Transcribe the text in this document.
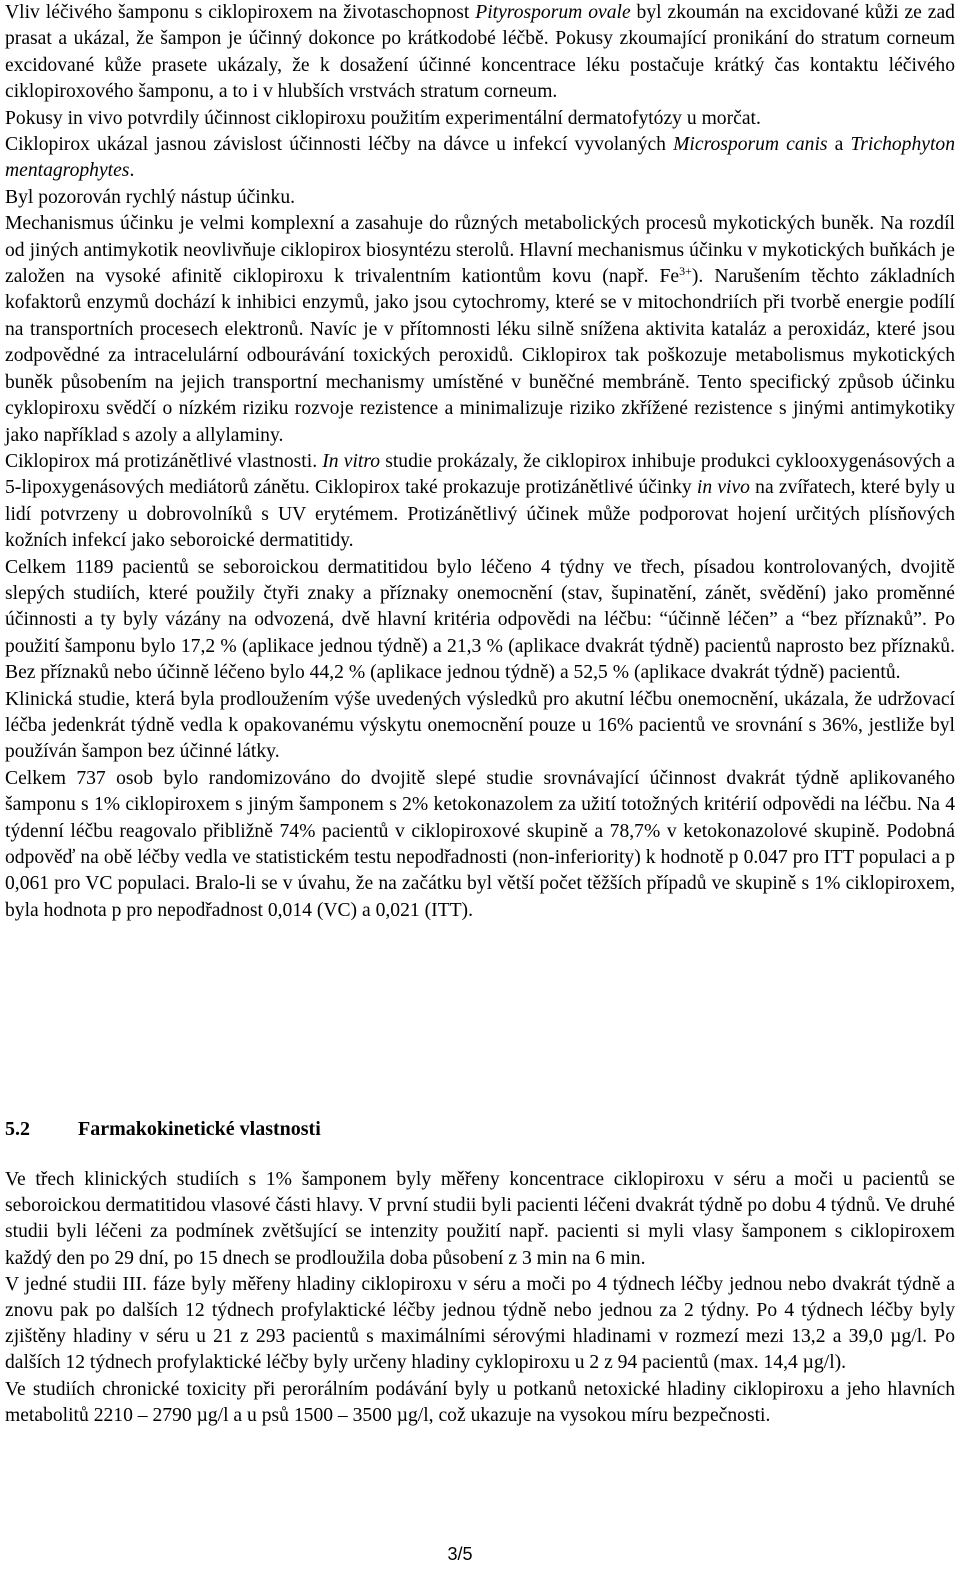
Vliv léčivého šamponu s ciklopiroxem na životaschopnost Pityrosporum ovale byl zkoumán na excidované kůži ze zad prasat a ukázal, že šampon je účinný dokonce po krátkodobé léčbě. Pokusy zkoumající pronikání do stratum corneum excidované kůže prasete ukázaly, že k dosažení účinné koncentrace léku postačuje krátký čas kontaktu léčivého ciklopiroxového šamponu, a to i v hlubších vrstvách stratum corneum.

Pokusy in vivo potvrdily účinnost ciklopiroxu použitím experimentální dermatofytózy u morčat.

Ciklopirox ukázal jasnou závislost účinnosti léčby na dávce u infekcí vyvolaných Microsporum canis a Trichophyton mentagrophytes.

Byl pozorován rychlý nástup účinku.

Mechanismus účinku je velmi komplexní a zasahuje do různých metabolických procesů mykotických buněk. Na rozdíl od jiných antimykotik neovlivňuje ciklopirox biosyntézu sterolů. Hlavní mechanismus účinku v mykotických buňkách je založen na vysoké afinitě ciklopiroxu k trivalentním kationtům kovu (např. $Fe^{3+}$). Narušením těchto základních kofaktorů enzymů dochází k inhibici enzymů, jako jsou cytochromy, které se v mitochondriích při tvorbě energie podílí na transportních procesech elektronů. Navíc je v přítomnosti léku silně snížena aktivita kataláz a peroxidáz, které jsou zodpovědné za intracelulární odbourávání toxických peroxidů. Ciklopirox tak poškozuje metabolismus mykotických buněk působením na jejich transportní mechanismy umístěné v buněčné membráně. Tento specifický způsob účinku cyklopiroxu svědčí o nízkém riziku rozvoje rezistence a minimalizuje riziko zkřížené rezistence s jinými antimykotiky jako například s azoly a allylaminy.

Ciklopirox má protizánětlivé vlastnosti. In vitro studie prokázaly, že ciklopirox inhibuje produkci cyklooxygenásových a 5-lipoxygenásových mediátorů zánětu. Ciklopirox také prokazuje protizánětlivé účinky in vivo na zvířatech, které byly u lidí potvrzeny u dobrovolníků s UV erytémem. Protizánětlivý účinek může podporovat hojení určitých plísňových kožních infekcí jako seboroické dermatitidy.

Celkem 1189 pacientů se seboroickou dermatitidou bylo léčeno 4 týdny ve třech, písadou kontrolovaných, dvojitě slepých studiích, které použily čtyři znaky a příznaky onemocnění (stav, šupinatění, zánět, svědění) jako proměnné účinnosti a ty byly vázány na odvozená, dvě hlavní kritéria odpovědi na léčbu: “účinně léčen” a “bez příznaků”. Po použití šamponu bylo 17,2 % (aplikace jednou týdně) a 21,3 % (aplikace dvakrát týdně) pacientů naprosto bez příznaků. Bez příznaků nebo účinně léčeno bylo 44,2 % (aplikace jednou týdně) a 52,5 % (aplikace dvakrát týdně) pacientů.

Klinická studie, která byla prodloužením výše uvedených výsledků pro akutní léčbu onemocnění, ukázala, že udržovací léčba jedenkrát týdně vedla k opakovanému výskytu onemocnění pouze u 16% pacientů ve srovnání s 36%, jestliže byl používán šampon bez účinné látky.

Celkem 737 osob bylo randomizováno do dvojitě slepé studie srovnávající účinnost dvakrát týdně aplikovaného šamponu s 1% ciklopiroxem s jiným šamponem s 2% ketokonazolem za užití totožných kritérií odpovědi na léčbu. Na 4 týdenní léčbu reagovalo přibližně 74% pacientů v ciklopiroxové skupině a 78,7% v ketokonazolové skupině. Podobná odpověď na obě léčby vedla ve statistickém testu nepodřadnosti (non-inferiority) k hodnotě p 0.047 pro ITT populaci a p 0,061 pro VC populaci. Bralo-li se v úvahu, že na začátku byl větší počet těžších případů ve skupině s 1% ciklopiroxem, byla hodnota p pro nepodřadnost 0,014 (VC) a 0,021 (ITT).

5.2 Farmakokinetické vlastnosti

Ve třech klinických studiích s 1% šamponem byly měřeny koncentrace ciklopiroxu v séru a moči u pacientů se seboroickou dermatitidou vlasové části hlavy. V první studii byli pacienti léčeni dvakrát týdně po dobu 4 týdnů. Ve druhé studii byli léčeni za podmínek zvětšující se intenzity použití např. pacienti si myli vlasy šamponem s ciklopiroxem každý den po 29 dní, po 15 dnech se prodloužila doba působení z 3 min na 6 min.

V jedné studii III. fáze byly měřeny hladiny ciklopiroxu v séru a moči po 4 týdnech léčby jednou nebo dvakrát týdně a znovu pak po dalších 12 týdnech profylaktické léčby jednou týdně nebo jednou za 2 týdny. Po 4 týdnech léčby byly zjištěny hladiny v séru u 21 z 293 pacientů s maximálními sérovými hladinami v rozmezí mezi 13,2 a 39,0 µg/l. Po dalších 12 týdnech profylaktické léčby byly určeny hladiny cyklopiroxu u 2 z 94 pacientů (max. 14,4 µg/l).

Ve studiích chronické toxicity při perorálním podávání byly u potkanů netoxické hladiny ciklopiroxu a jeho hlavních metabolitů 2210 – 2790 µg/l a u psů 1500 – 3500 µg/l, což ukazuje na vysokou míru bezpečnosti.

3/5
